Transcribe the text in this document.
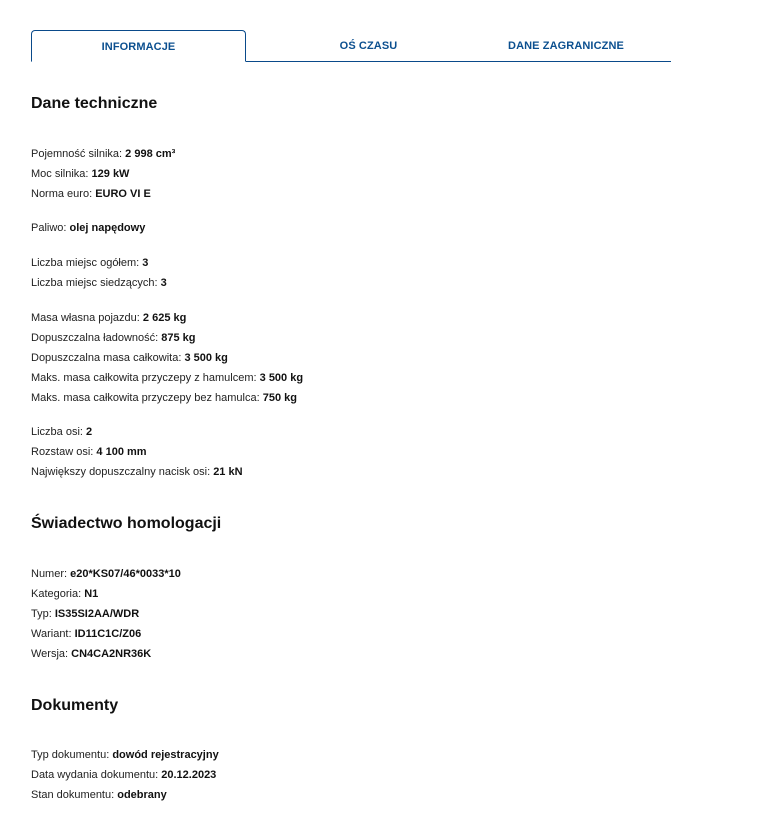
INFORMACJE	OŚ CZASU	DANE ZAGRANICZNE
Dane techniczne
Pojemność silnika: 2 998 cm³
Moc silnika: 129 kW
Norma euro: EURO VI E
Paliwo: olej napędowy
Liczba miejsc ogółem: 3
Liczba miejsc siedzących: 3
Masa własna pojazdu: 2 625 kg
Dopuszczalna ładowność: 875 kg
Dopuszczalna masa całkowita: 3 500 kg
Maks. masa całkowita przyczepy z hamulcem: 3 500 kg
Maks. masa całkowita przyczepy bez hamulca: 750 kg
Liczba osi: 2
Rozstaw osi: 4 100 mm
Największy dopuszczalny nacisk osi: 21 kN
Świadectwo homologacji
Numer: e20*KS07/46*0033*10
Kategoria: N1
Typ: IS35SI2AA/WDR
Wariant: ID11C1C/Z06
Wersja: CN4CA2NR36K
Dokumenty
Typ dokumentu: dowód rejestracyjny
Data wydania dokumentu: 20.12.2023
Stan dokumentu: odebrany
